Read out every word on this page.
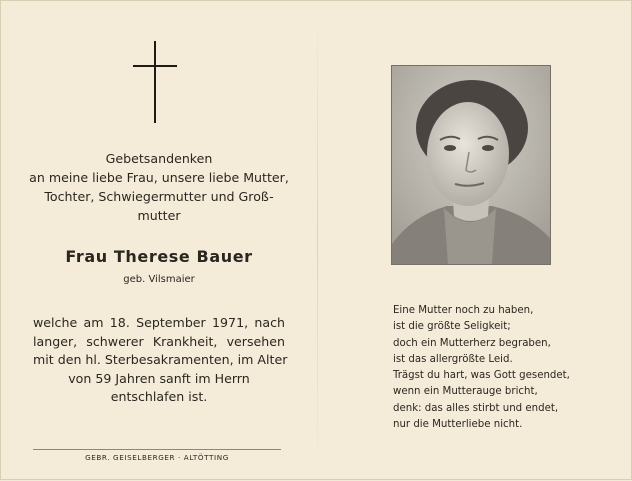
Gebetsandenken
an meine liebe Frau, unsere liebe Mutter,
Tochter, Schwiegermutter und Groß-
mutter
Frau Therese Bauer
geb. Vilsmaier
welche am 18. September 1971, nach
langer, schwerer Krankheit, versehen
mit den hl. Sterbesakramenten, im Alter
von 59 Jahren sanft im Herrn
entschlafen ist.
GEBR. GEISELBERGER · ALTÖTTING
Eine Mutter noch zu haben,
ist die größte Seligkeit;
doch ein Mutterherz begraben,
ist das allergrößte Leid.
Trägst du hart, was Gott gesendet,
wenn ein Mutterauge bricht,
denk: das alles stirbt und endet,
nur die Mutterliebe nicht.
